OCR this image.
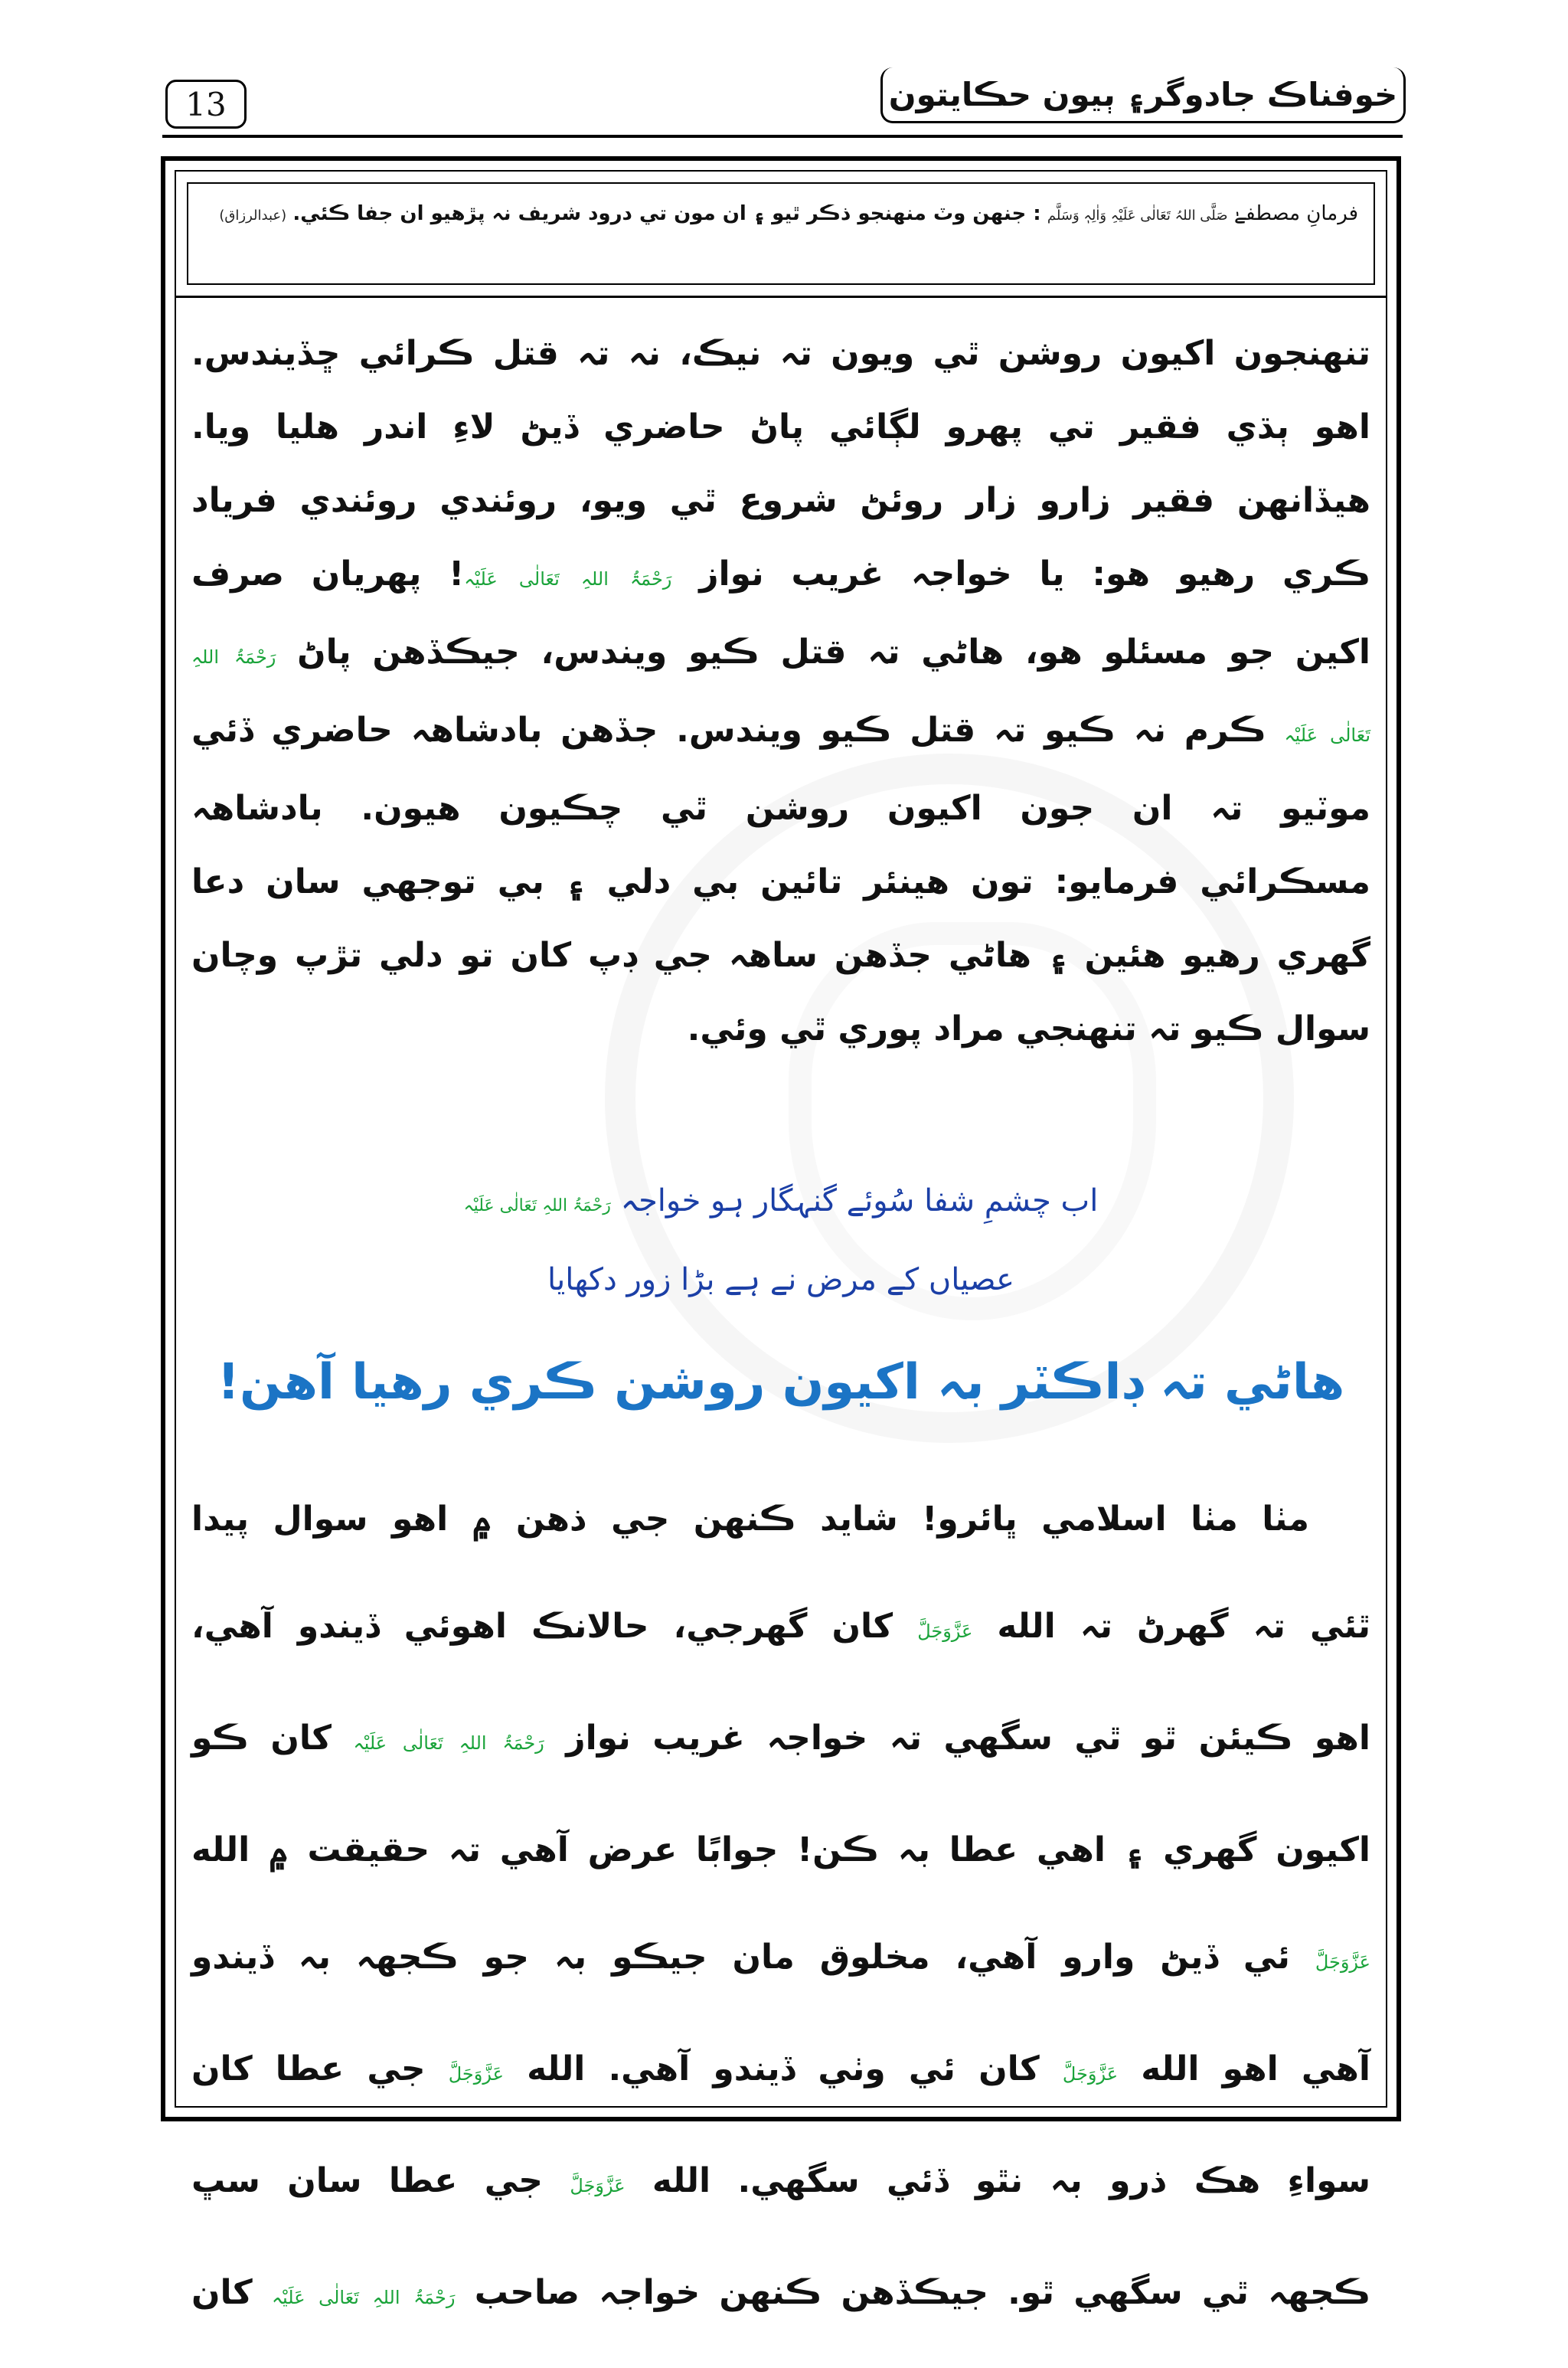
13	خوفناڪ جادوگر۽ ٻيون حڪايتون
فرمانِ مصطفےٰ صَلَّی اللہُ تَعَالٰی عَلَیْہِ وَاٰلِہٖ وَسَلَّم : جنهن وٽ منهنجو ذڪر ٿيو ۽ ان مون تي درود شريف نہ پڙهيو ان جفا ڪئي. (عبدالرزاق)

تنهنجون اکيون روشن ٿي ويون تہ نيڪ، نہ تہ قتل ڪرائي ڇڏيندس.

اهو ٻڌي فقير تي پهرو لڳائي پاڻ حاضري ڏيڻ لاءِ اندر هليا ويا.

هيڏانهن فقير زارو زار روئڻ شروع ٿي ويو، روئندي روئندي فرياد

ڪري رهيو هو: يا خواجہ غريب نواز رَحْمَۃُ اللہِ تَعَالٰی عَلَیْہ! پهريان صرف

اکين جو مسئلو هو، هاڻي تہ قتل ڪيو ويندس، جيڪڏهن پاڻ رَحْمَۃُ اللہِ

تَعَالٰی عَلَیْہ ڪرم نہ ڪيو تہ قتل ڪيو ويندس. جڏهن بادشاهہ حاضري ڏئي

موٽيو تہ ان جون اکيون روشن ٿي چڪيون هيون. بادشاهہ

مسڪرائي فرمايو: تون هينئر تائين بي دلي ۽ بي توجهي سان دعا

گهري رهيو هئين ۽ هاڻي جڏهن ساهہ جي ڊپ کان تو دلي تڙپ وچان

سوال ڪيو تہ تنهنجي مراد پوري ٿي وئي.

اب چشمِ شفا سُوئے گنہگار ہو خواجہ رَحْمَۃُ اللہِ تَعَالٰی عَلَیْہ
عصیاں کے مرض نے ہے بڑا زور دکھایا
هاڻي تہ ڊاڪٽر بہ اکيون روشن ڪري رهيا آهن!

مٺا مٺا اسلامي ڀائرو! شايد ڪنهن جي ذهن ۾ اهو سوال پيدا

ٿئي تہ گهرڻ تہ الله عَزَّوَجَلَّ کان گهرجي، حالانڪ اهوئي ڏيندو آهي،

اهو ڪيئن ٿو ٿي سگهي تہ خواجہ غريب نواز رَحْمَۃُ اللہِ تَعَالٰی عَلَیْہ کان ڪو

اکيون گهري ۽ اهي عطا بہ ڪن! جوابًا عرض آهي تہ حقيقت ۾ الله

عَزَّوَجَلَّ ئي ڏيڻ وارو آهي، مخلوق مان جيڪو بہ جو ڪجهہ بہ ڏيندو

آهي اهو الله عَزَّوَجَلَّ کان ئي وٺي ڏيندو آهي. الله عَزَّوَجَلَّ جي عطا کان

سواءِ هڪ ذرو بہ نٿو ڏئي سگهي. الله عَزَّوَجَلَّ جي عطا سان سڀ

ڪجهہ ٿي سگهي ٿو. جيڪڏهن ڪنهن خواجہ صاحب رَحْمَۃُ اللہِ تَعَالٰی عَلَیْہ کان
